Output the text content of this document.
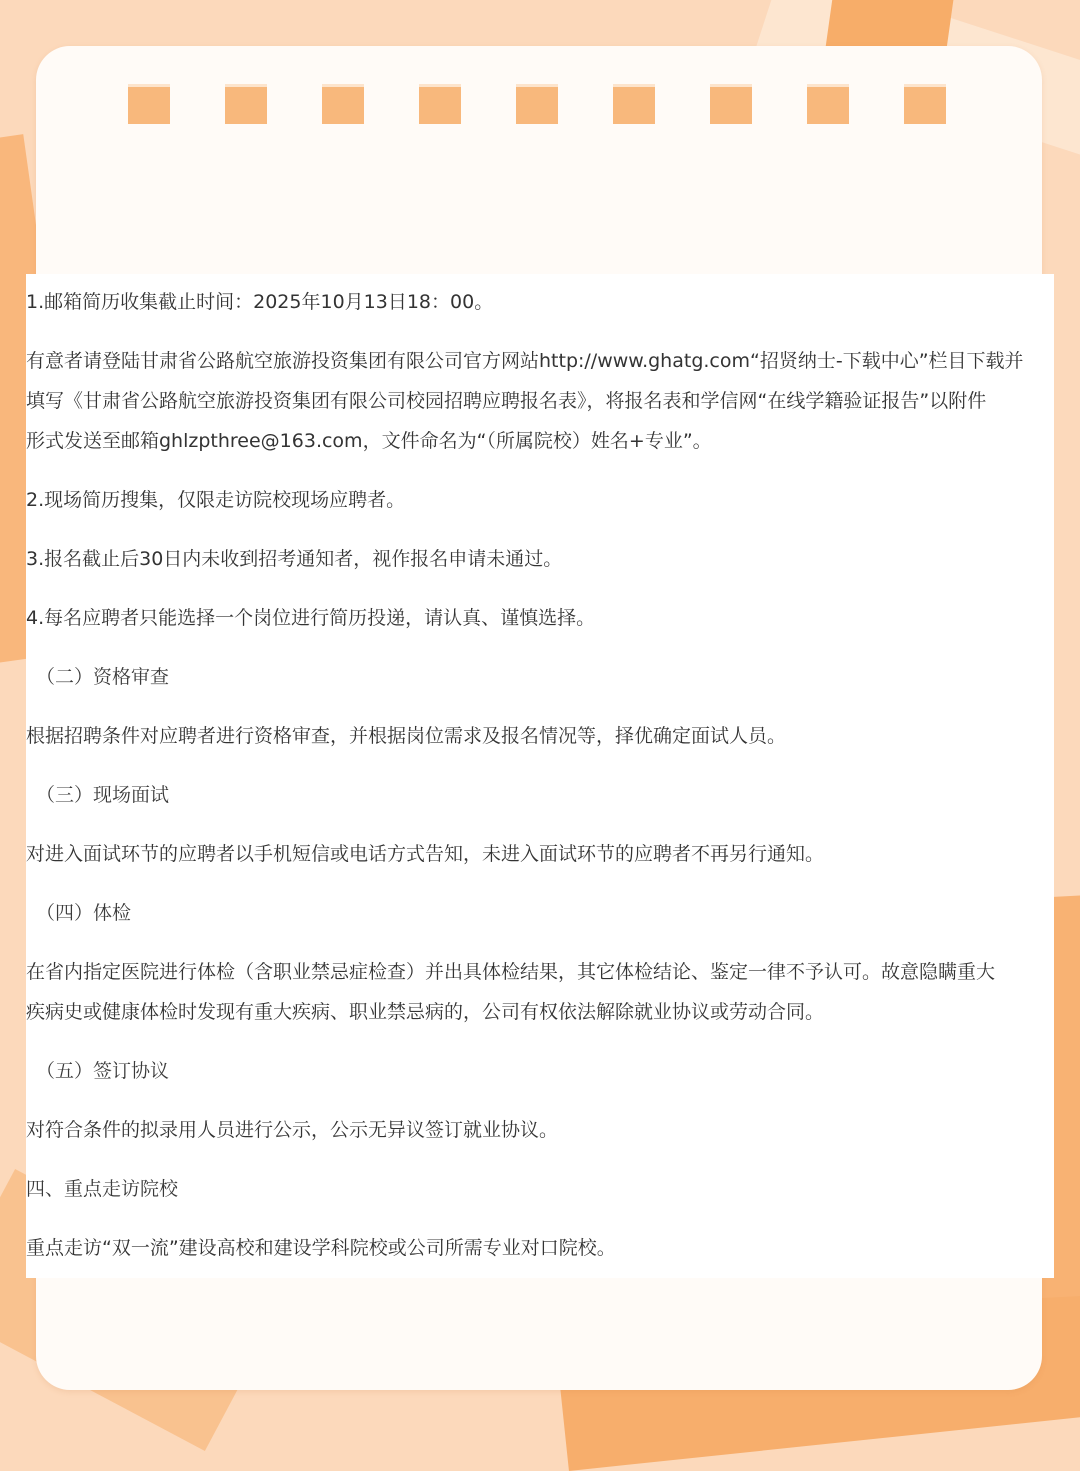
1.邮箱简历收集截止时间：2025年10月13日18：00。

有意者请登陆甘肃省公路航空旅游投资集团有限公司官方网站http://www.ghatg.com“招贤纳士-下载中心”栏目下载并

填写《甘肃省公路航空旅游投资集团有限公司校园招聘应聘报名表》，将报名表和学信网“在线学籍验证报告”以附件

形式发送至邮箱ghlzpthree@163.com，文件命名为“（所属院校）姓名+专业”。

2.现场简历搜集，仅限走访院校现场应聘者。

3.报名截止后30日内未收到招考通知者，视作报名申请未通过。

4.每名应聘者只能选择一个岗位进行简历投递，请认真、谨慎选择。

（二）资格审查

根据招聘条件对应聘者进行资格审查，并根据岗位需求及报名情况等，择优确定面试人员。

（三）现场面试

对进入面试环节的应聘者以手机短信或电话方式告知，未进入面试环节的应聘者不再另行通知。

（四）体检

在省内指定医院进行体检（含职业禁忌症检查）并出具体检结果，其它体检结论、鉴定一律不予认可。故意隐瞒重大

疾病史或健康体检时发现有重大疾病、职业禁忌病的，公司有权依法解除就业协议或劳动合同。

（五）签订协议

对符合条件的拟录用人员进行公示，公示无异议签订就业协议。

四、重点走访院校

重点走访“双一流”建设高校和建设学科院校或公司所需专业对口院校。
